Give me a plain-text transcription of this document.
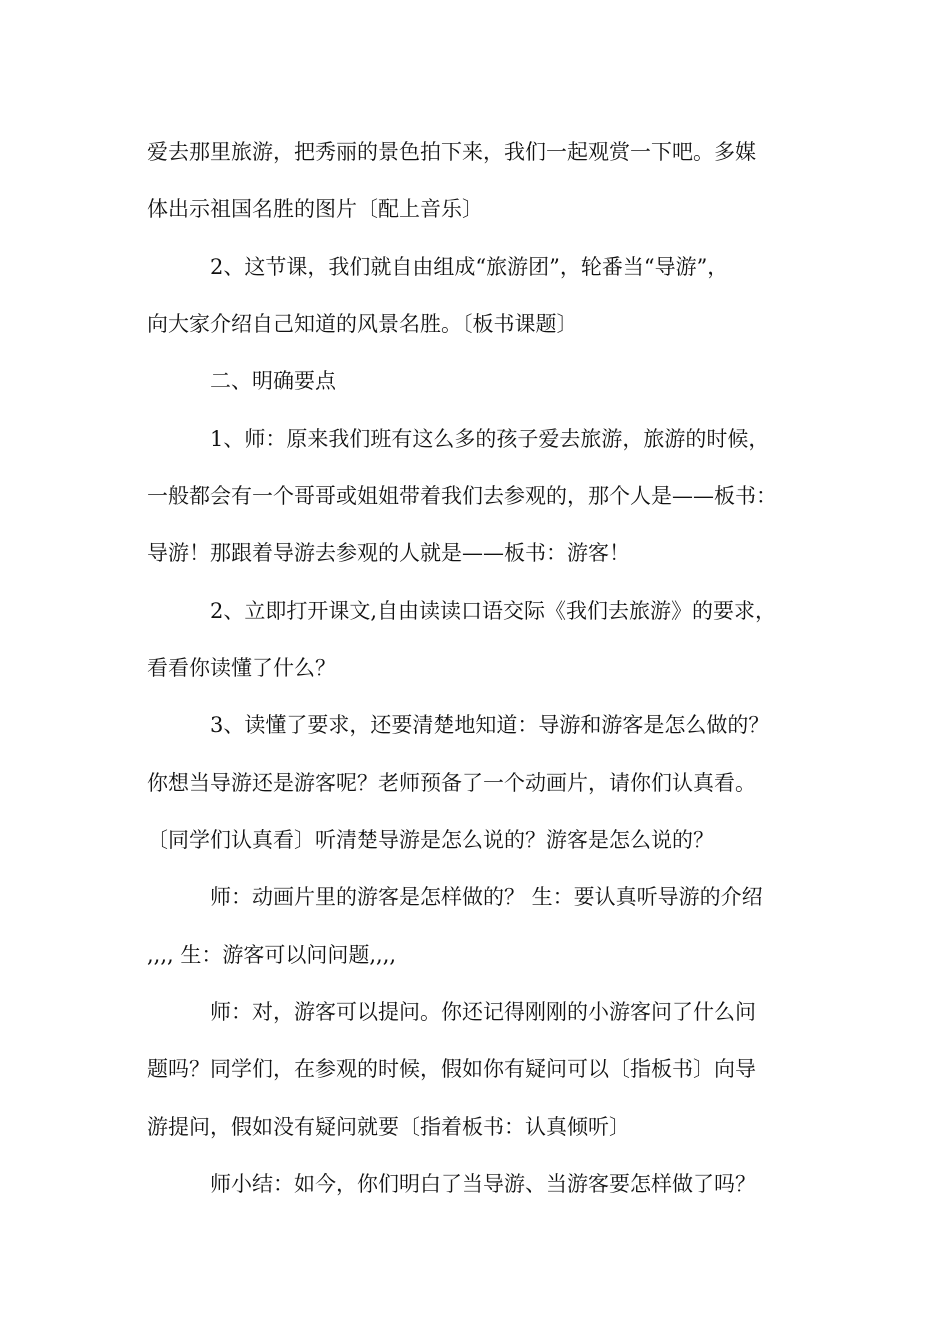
爱去那里旅游，把秀丽的景色拍下来，我们一起观赏一下吧。多媒
体出示祖国名胜的图片〔配上音乐〕
2、这节课，我们就自由组成“旅游团”，轮番当“导游”，
向大家介绍自己知道的风景名胜。〔板书课题〕
二、明确要点
1、师：原来我们班有这么多的孩子爱去旅游，旅游的时候，
一般都会有一个哥哥或姐姐带着我们去参观的，那个人是——板书：
导游！那跟着导游去参观的人就是——板书：游客！
2、立即打开课文,自由读读口语交际《我们去旅游》的要求，
看看你读懂了什么？
3、读懂了要求，还要清楚地知道：导游和游客是怎么做的？
你想当导游还是游客呢？老师预备了一个动画片，请你们认真看。
〔同学们认真看〕听清楚导游是怎么说的？游客是怎么说的？
师：动画片里的游客是怎样做的？ 生：要认真听导游的介绍
,,,, 生：游客可以问问题,,,,
师：对，游客可以提问。你还记得刚刚的小游客问了什么问
题吗？同学们，在参观的时候，假如你有疑问可以〔指板书〕向导
游提问，假如没有疑问就要〔指着板书：认真倾听〕
师小结：如今，你们明白了当导游、当游客要怎样做了吗？
